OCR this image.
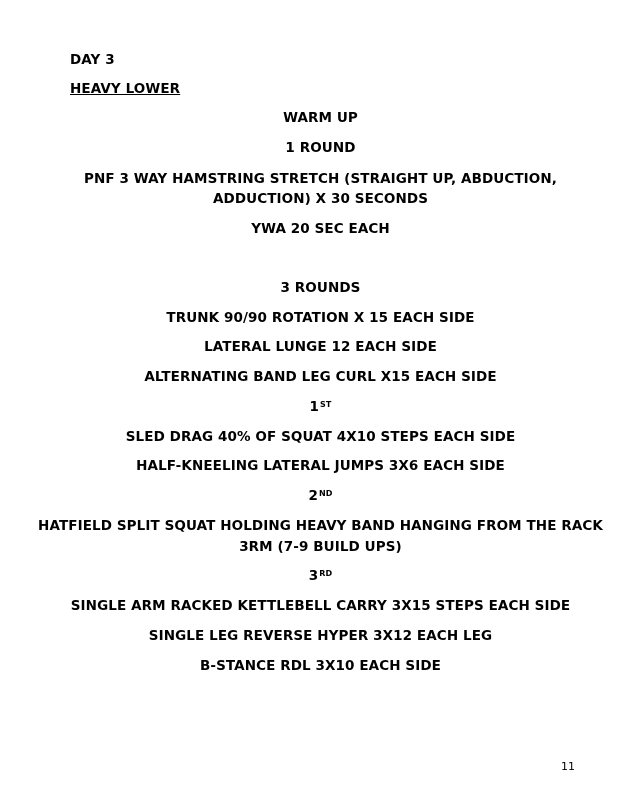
DAY 3
HEAVY LOWER
WARM UP
1 ROUND
PNF 3 WAY HAMSTRING STRETCH (STRAIGHT UP, ABDUCTION,
ADDUCTION) X 30 SECONDS
YWA 20 SEC EACH
3 ROUNDS
TRUNK 90/90 ROTATION X 15 EACH SIDE
LATERAL LUNGE 12 EACH SIDE
ALTERNATING BAND LEG CURL X15 EACH SIDE
1ST
SLED DRAG 40% OF SQUAT 4X10 STEPS EACH SIDE
HALF-KNEELING LATERAL JUMPS 3X6 EACH SIDE
2ND
HATFIELD SPLIT SQUAT HOLDING HEAVY BAND HANGING FROM THE RACK
3RM (7-9 BUILD UPS)
3RD
SINGLE ARM RACKED KETTLEBELL CARRY 3X15 STEPS EACH SIDE
SINGLE LEG REVERSE HYPER 3X12 EACH LEG
B-STANCE RDL 3X10 EACH SIDE
11
